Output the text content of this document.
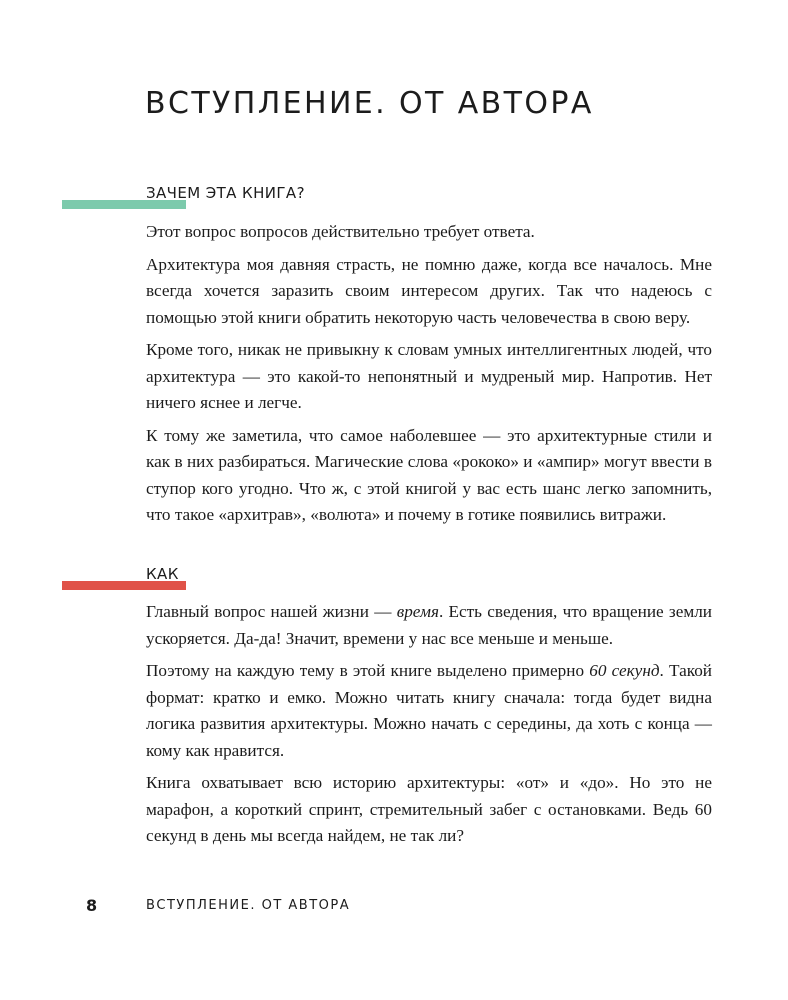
ВСТУПЛЕНИЕ. ОТ АВТОРА
ЗАЧЕМ ЭТА КНИГА?

Этот вопрос вопросов действительно требует ответа.

Архитектура моя давняя страсть, не помню даже, когда все началось. Мне всегда хочется заразить своим интересом других. Так что надеюсь с помощью этой книги обратить некоторую часть человечества в свою веру.

Кроме того, никак не привыкну к словам умных интеллигентных людей, что архитектура — это какой-то непонятный и мудреный мир. Напротив. Нет ничего яснее и легче.

К тому же заметила, что самое наболевшее — это архитектурные стили и как в них разбираться. Магические слова «рококо» и «ампир» могут ввести в ступор кого угодно. Что ж, с этой книгой у вас есть шанс легко запомнить, что такое «архитрав», «волюта» и почему в готике появились витражи.

КАК

Главный вопрос нашей жизни — время. Есть сведения, что вращение земли ускоряется. Да-да! Значит, времени у нас все меньше и меньше.

Поэтому на каждую тему в этой книге выделено примерно 60 секунд. Такой формат: кратко и емко. Можно читать книгу сначала: тогда будет видна логика развития архитектуры. Можно начать с середины, да хоть с конца — кому как нравится.

Книга охватывает всю историю архитектуры: «от» и «до». Но это не марафон, а короткий спринт, стремительный забег с остановками. Ведь 60 секунд в день мы всегда найдем, не так ли?

8	ВСТУПЛЕНИЕ. ОТ АВТОРА
